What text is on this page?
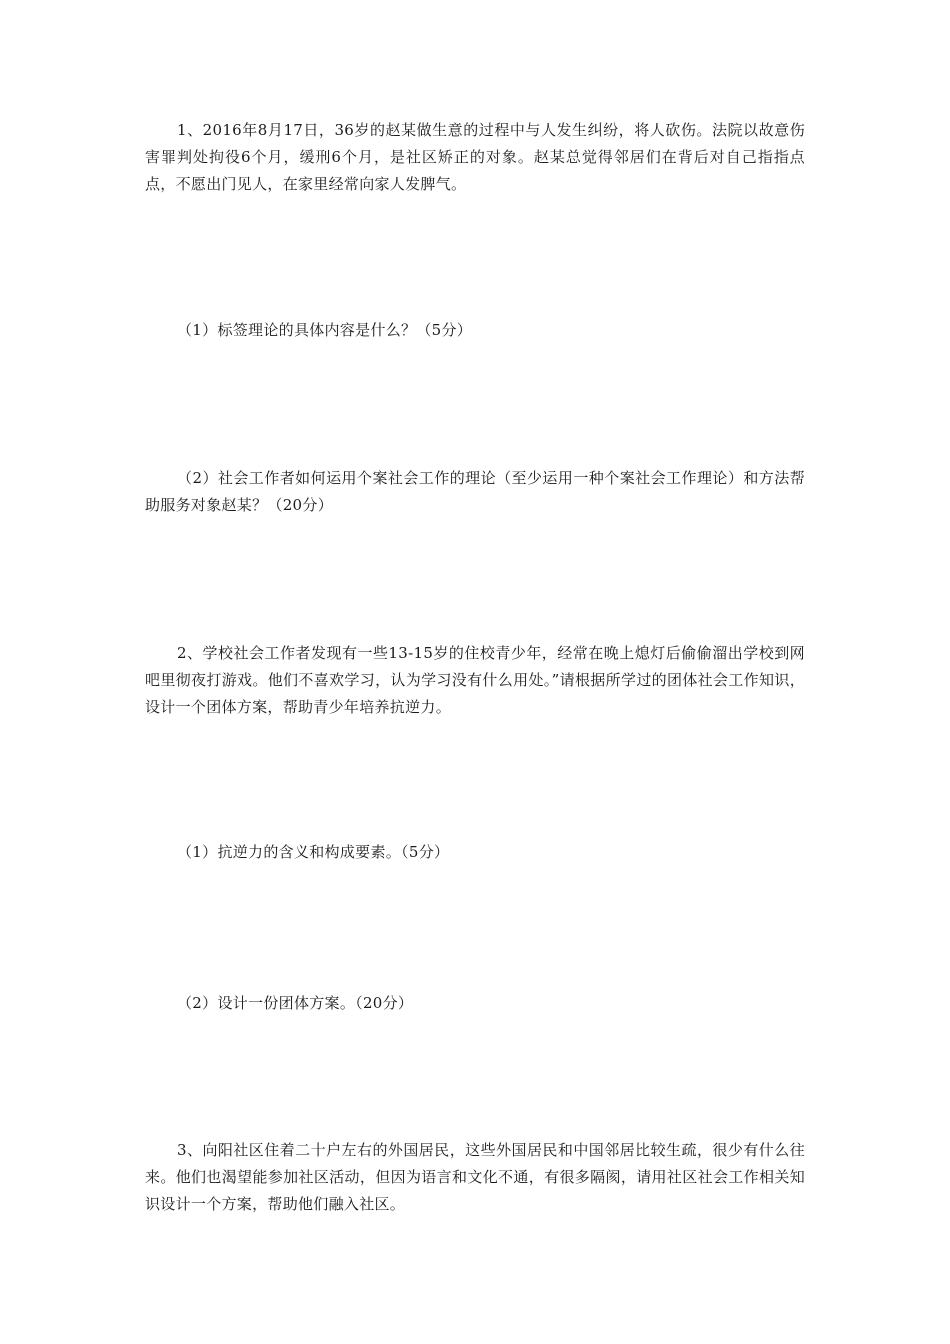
1、2016年8月17日，36岁的赵某做生意的过程中与人发生纠纷，将人砍伤。法院以故意伤害罪判处拘役6个月，缓刑6个月，是社区矫正的对象。赵某总觉得邻居们在背后对自己指指点点，不愿出门见人，在家里经常向家人发脾气。

（1）标签理论的具体内容是什么？（5分）

（2）社会工作者如何运用个案社会工作的理论（至少运用一种个案社会工作理论）和方法帮助服务对象赵某？（20分）

2、学校社会工作者发现有一些13-15岁的住校青少年，经常在晚上熄灯后偷偷溜出学校到网吧里彻夜打游戏。他们不喜欢学习，认为学习没有什么用处。”请根据所学过的团体社会工作知识，设计一个团体方案，帮助青少年培养抗逆力。

（1）抗逆力的含义和构成要素。（5分）

（2）设计一份团体方案。（20分）

3、向阳社区住着二十户左右的外国居民，这些外国居民和中国邻居比较生疏，很少有什么往来。他们也渴望能参加社区活动，但因为语言和文化不通，有很多隔阂，请用社区社会工作相关知识设计一个方案，帮助他们融入社区。
